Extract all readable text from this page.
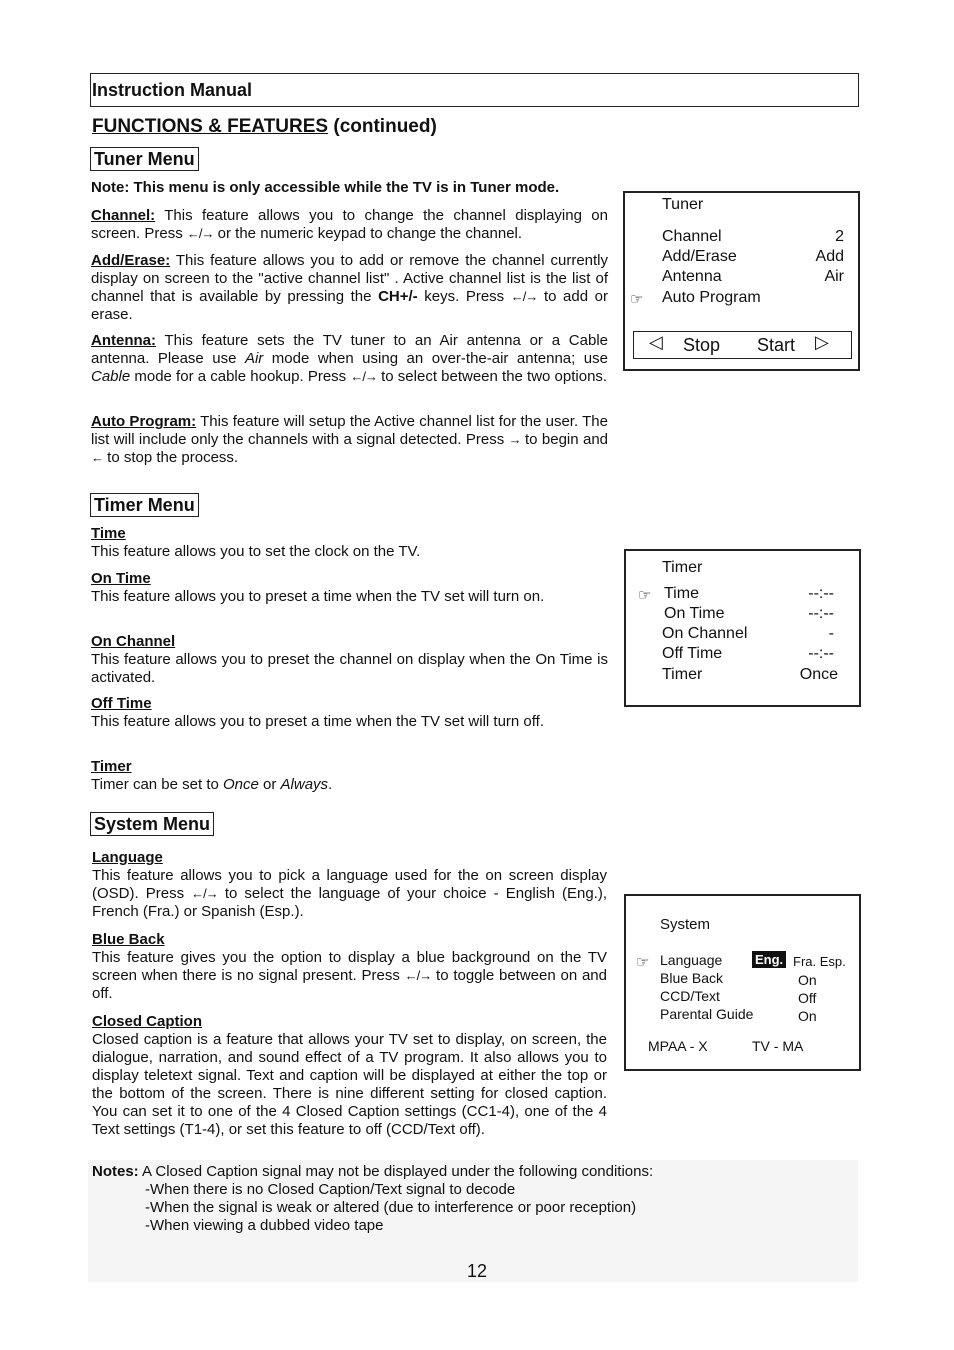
Instruction Manual
FUNCTIONS & FEATURES (continued)
Tuner Menu
Note: This menu is only accessible while the TV is in Tuner mode.
Channel: This feature allows you to change the channel displaying on screen. Press ←/→ or the numeric keypad to change the channel.
Add/Erase: This feature allows you to add or remove the channel currently display on screen to the "active channel list" . Active channel list is the list of channel that is available by pressing the CH+/- keys. Press ←/→ to add or erase.
Antenna: This feature sets the TV tuner to an Air antenna or a Cable antenna. Please use Air mode when using an over-the-air antenna; use Cable mode for a cable hookup. Press ←/→ to select between the two options.
Auto Program: This feature will setup the Active channel list for the user. The list will include only the channels with a signal detected. Press → to begin and ← to stop the process.
Tuner
Channel	2
Add/Erase	Add
Antenna	Air
☞ Auto Program
◁ Stop Start ▷
Timer Menu
Time
This feature allows you to set the clock on the TV.
On Time
This feature allows you to preset a time when the TV set will turn on.
On Channel
This feature allows you to preset the channel on display when the On Time is activated.
Off Time
This feature allows you to preset a time when the TV set will turn off.
Timer
Timer can be set to Once or Always.
Timer
☞ Time	--:--
On Time	--:--
On Channel	-
Off Time	--:--
Timer	Once
System Menu
Language
This feature allows you to pick a language used for the on screen display (OSD). Press ←/→ to select the language of your choice - English (Eng.), French (Fra.) or Spanish (Esp.).
Blue Back
This feature gives you the option to display a blue background on the TV screen when there is no signal present. Press ←/→ to toggle between on and off.
Closed Caption
Closed caption is a feature that allows your TV set to display, on screen, the dialogue, narration, and sound effect of a TV program. It also allows you to display teletext signal. Text and caption will be displayed at either the top or the bottom of the screen. There is nine different setting for closed caption. You can set it to one of the 4 Closed Caption settings (CC1-4), one of the 4 Text settings (T1-4), or set this feature to off (CCD/Text off).
System
☞ Language	Eng. Fra. Esp.
Blue Back	On
CCD/Text	Off
Parental Guide	On
MPAA - X	TV - MA
Notes: A Closed Caption signal may not be displayed under the following conditions:
-When there is no Closed Caption/Text signal to decode
-When the signal is weak or altered (due to interference or poor reception)
-When viewing a dubbed video tape
12
